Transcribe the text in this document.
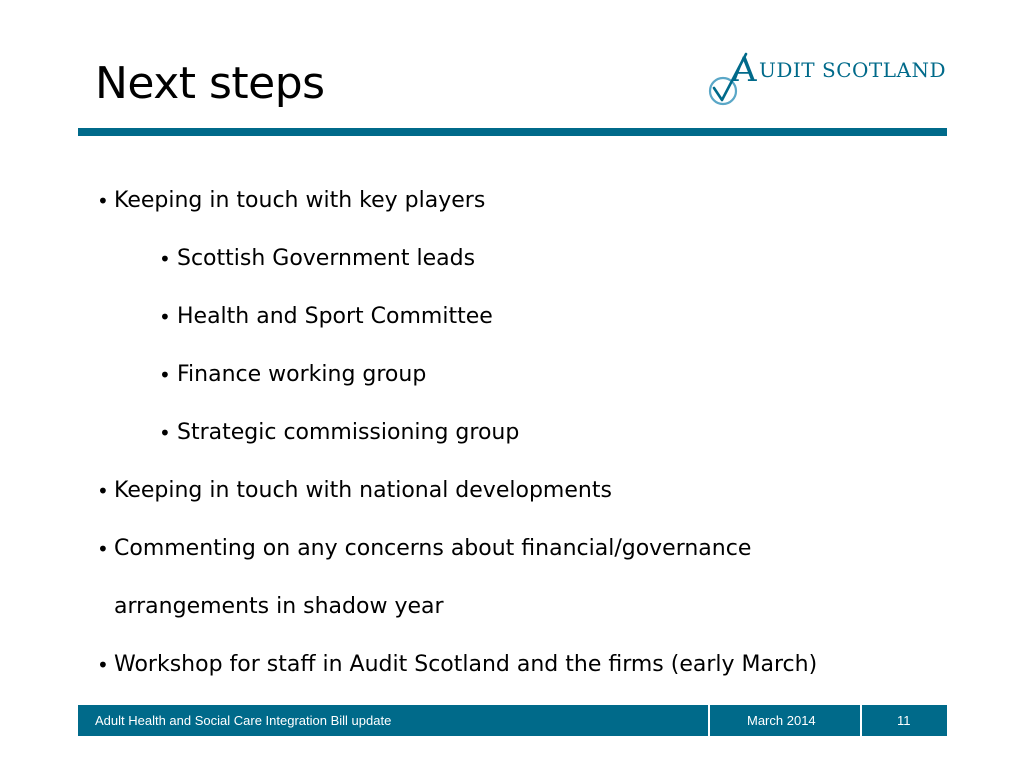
Next steps	A UDIT SCOTLAND
• Keeping in touch with key players
• Scottish Government leads
• Health and Sport Committee
• Finance working group
• Strategic commissioning group
• Keeping in touch with national developments
• Commenting on any concerns about financial/governance
arrangements in shadow year
• Workshop for staff in Audit Scotland and the firms (early March)
Adult Health and Social Care Integration Bill update	March 2014	11
